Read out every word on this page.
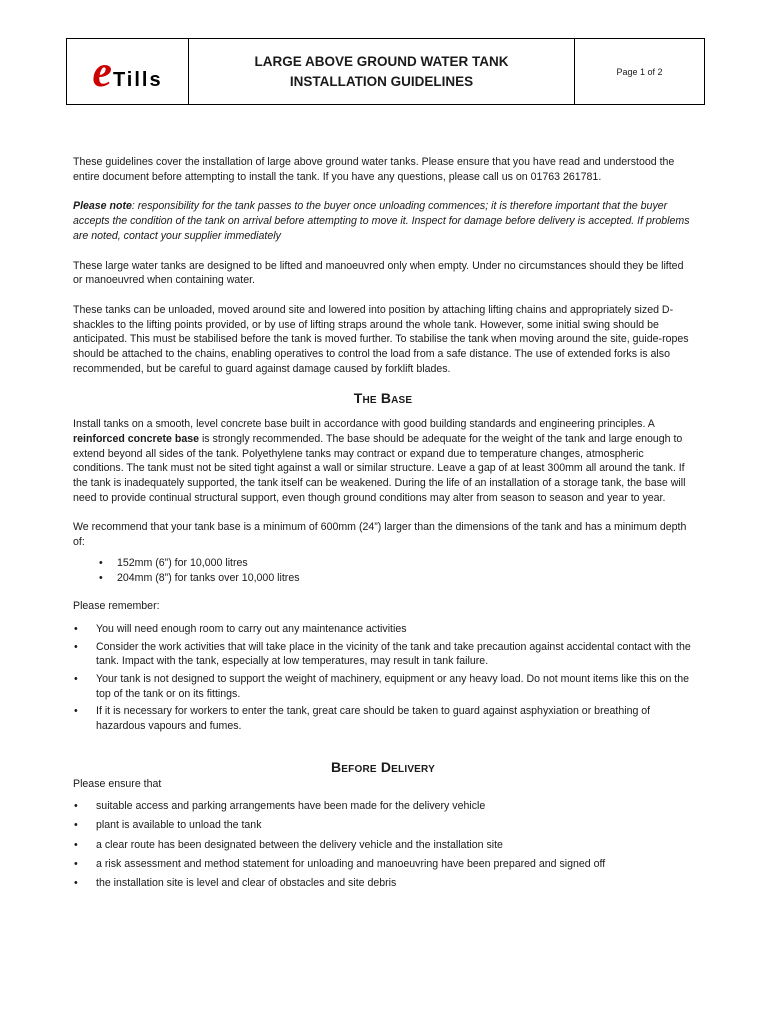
e Tills
LARGE ABOVE GROUND WATER TANK
INSTALLATION GUIDELINES
Page 1 of 2

These guidelines cover the installation of large above ground water tanks. Please ensure that you have read and understood the entire document before attempting to install the tank. If you have any questions, please call us on 01763 261781.

Please note: responsibility for the tank passes to the buyer once unloading commences; it is therefore important that the buyer accepts the condition of the tank on arrival before attempting to move it. Inspect for damage before delivery is accepted. If problems are noted, contact your supplier immediately

These large water tanks are designed to be lifted and manoeuvred only when empty. Under no circumstances should they be lifted or manoeuvred when containing water.

These tanks can be unloaded, moved around site and lowered into position by attaching lifting chains and appropriately sized D-shackles to the lifting points provided, or by use of lifting straps around the whole tank. However, some initial swing should be anticipated. This must be stabilised before the tank is moved further. To stabilise the tank when moving around the site, guide-ropes should be attached to the chains, enabling operatives to control the load from a safe distance. The use of extended forks is also recommended, but be careful to guard against damage caused by forklift blades.

The Base

Install tanks on a smooth, level concrete base built in accordance with good building standards and engineering principles. A reinforced concrete base is strongly recommended. The base should be adequate for the weight of the tank and large enough to extend beyond all sides of the tank. Polyethylene tanks may contract or expand due to temperature changes, atmospheric conditions. The tank must not be sited tight against a wall or similar structure. Leave a gap of at least 300mm all around the tank. If the tank is inadequately supported, the tank itself can be weakened. During the life of an installation of a storage tank, the base will need to provide continual structural support, even though ground conditions may alter from season to season and year to year.

We recommend that your tank base is a minimum of 600mm (24”) larger than the dimensions of the tank and has a minimum depth of:

• 152mm (6”) for 10,000 litres
• 204mm (8”) for tanks over 10,000 litres

Please remember:

• You will need enough room to carry out any maintenance activities
• Consider the work activities that will take place in the vicinity of the tank and take precaution against accidental contact with the tank. Impact with the tank, especially at low temperatures, may result in tank failure.
• Your tank is not designed to support the weight of machinery, equipment or any heavy load. Do not mount items like this on the top of the tank or on its fittings.
• If it is necessary for workers to enter the tank, great care should be taken to guard against asphyxiation or breathing of hazardous vapours and fumes.
Before Delivery

Please ensure that

• suitable access and parking arrangements have been made for the delivery vehicle
• plant is available to unload the tank
• a clear route has been designated between the delivery vehicle and the installation site
• a risk assessment and method statement for unloading and manoeuvring have been prepared and signed off
• the installation site is level and clear of obstacles and site debris
